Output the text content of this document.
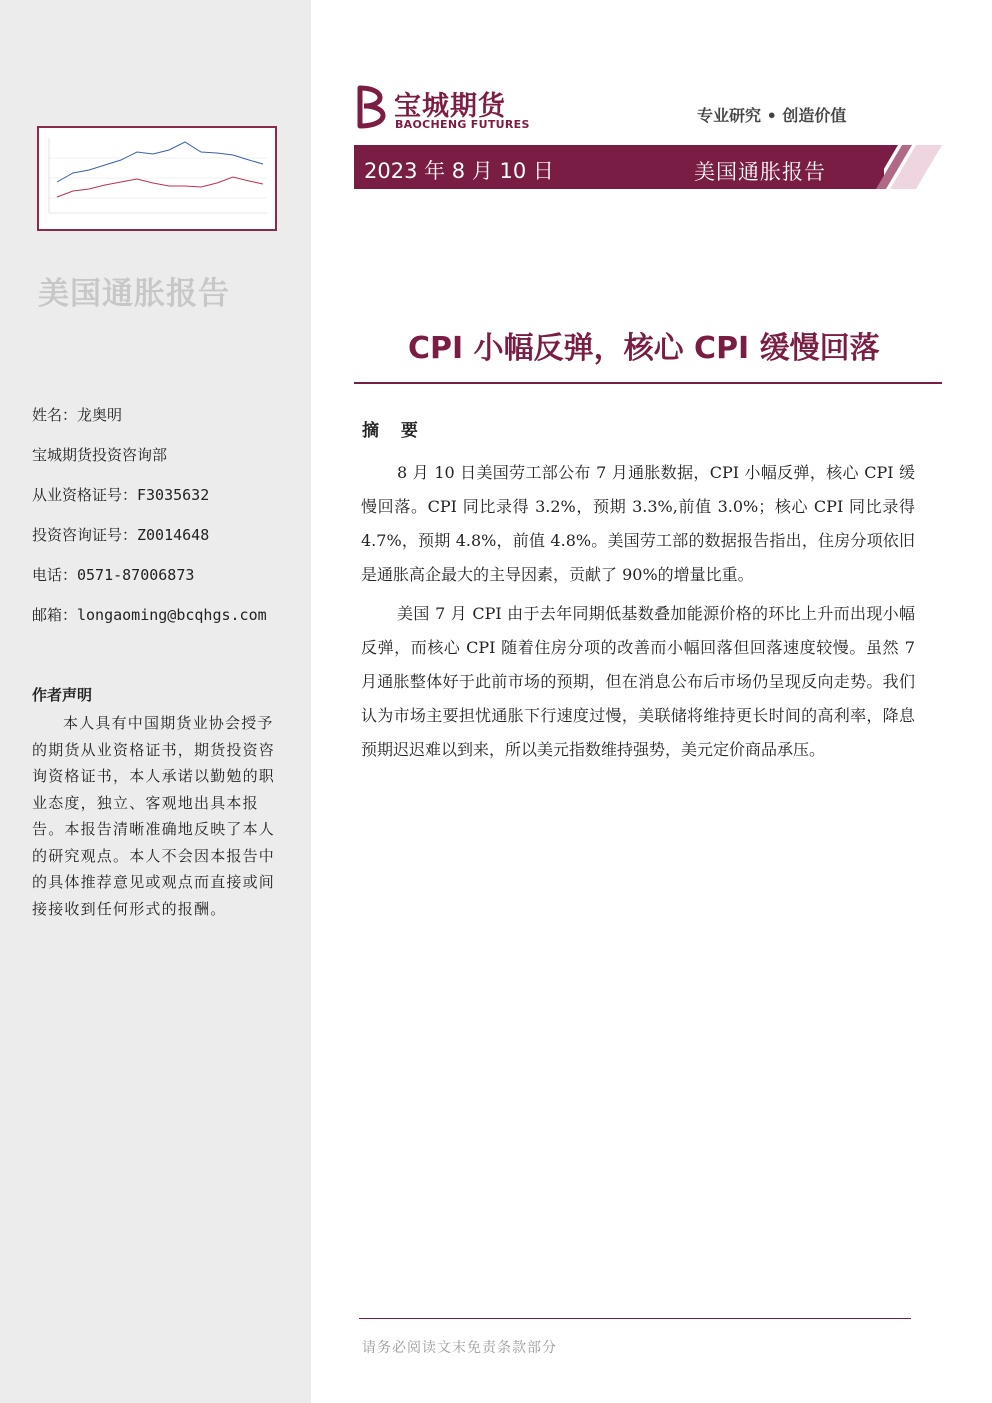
美国通胀报告
姓名：龙奥明
宝城期货投资咨询部
从业资格证号：F3035632
投资咨询证号：Z0014648
电话：0571-87006873
邮箱：longaoming@bcqhgs.com
作者声明
本人具有中国期货业协会授予的期货从业资格证书，期货投资咨询资格证书，本人承诺以勤勉的职业态度，独立、客观地出具本报告。本报告清晰准确地反映了本人的研究观点。本人不会因本报告中的具体推荐意见或观点而直接或间接接收到任何形式的报酬。
宝城期货
BAOCHENG FUTURES	专业研究 • 创造价值
2023 年 8 月 10 日	美国通胀报告
CPI 小幅反弹，核心 CPI 缓慢回落
摘 要
8 月 10 日美国劳工部公布 7 月通胀数据，CPI 小幅反弹，核心 CPI 缓慢回落。CPI 同比录得 3.2%，预期 3.3%,前值 3.0%；核心 CPI 同比录得 4.7%，预期 4.8%，前值 4.8%。美国劳工部的数据报告指出，住房分项依旧是通胀高企最大的主导因素，贡献了 90%的增量比重。
美国 7 月 CPI 由于去年同期低基数叠加能源价格的环比上升而出现小幅反弹，而核心 CPI 随着住房分项的改善而小幅回落但回落速度较慢。虽然 7 月通胀整体好于此前市场的预期，但在消息公布后市场仍呈现反向走势。我们认为市场主要担忧通胀下行速度过慢，美联储将维持更长时间的高利率，降息预期迟迟难以到来，所以美元指数维持强势，美元定价商品承压。
请务必阅读文末免责条款部分
